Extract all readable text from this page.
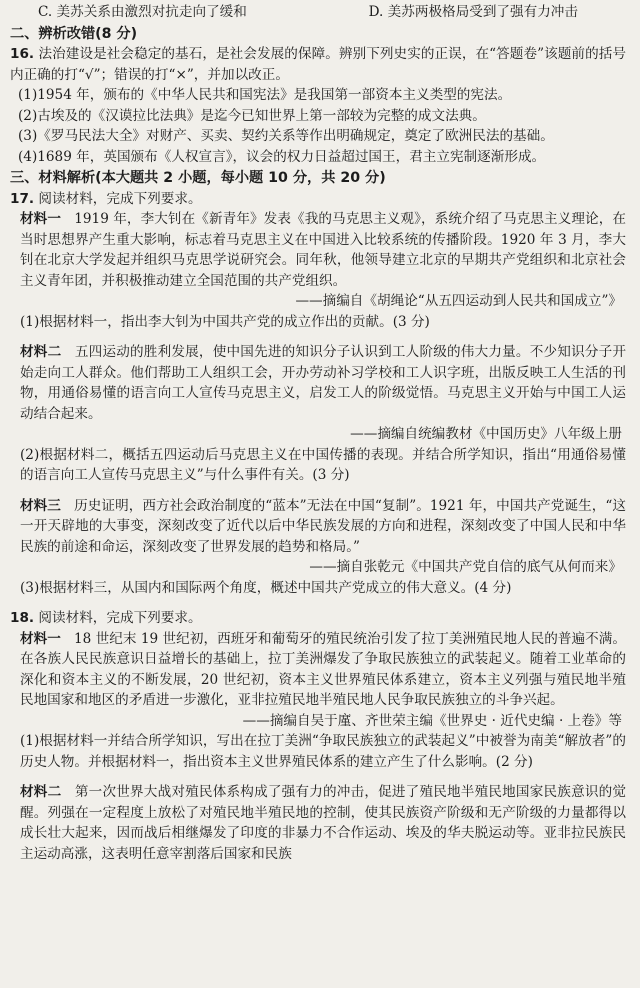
C. 美苏关系由激烈对抗走向了缓和	D. 美苏两极格局受到了强有力冲击
二、辨析改错(8 分)

16. 法治建设是社会稳定的基石，是社会发展的保障。辨别下列史实的正误，在“答题卷”该题前的括号内正确的打“√”；错误的打“×”，并加以改正。

(1)1954 年，颁布的《中华人民共和国宪法》是我国第一部资本主义类型的宪法。

(2)古埃及的《汉谟拉比法典》是迄今已知世界上第一部较为完整的成文法典。

(3)《罗马民法大全》对财产、买卖、契约关系等作出明确规定，奠定了欧洲民法的基础。

(4)1689 年，英国颁布《人权宣言》，议会的权力日益超过国王，君主立宪制逐渐形成。

三、材料解析(本大题共 2 小题，每小题 10 分，共 20 分)

17. 阅读材料，完成下列要求。

材料一 1919 年，李大钊在《新青年》发表《我的马克思主义观》，系统介绍了马克思主义理论，在当时思想界产生重大影响，标志着马克思主义在中国进入比较系统的传播阶段。1920 年 3 月，李大钊在北京大学发起并组织马克思学说研究会。同年秋，他领导建立北京的早期共产党组织和北京社会主义青年团，并积极推动建立全国范围的共产党组织。

——摘编自《胡绳论“从五四运动到人民共和国成立”》

(1)根据材料一，指出李大钊为中国共产党的成立作出的贡献。(3 分)

材料二 五四运动的胜利发展，使中国先进的知识分子认识到工人阶级的伟大力量。不少知识分子开始走向工人群众。他们帮助工人组织工会，开办劳动补习学校和工人识字班，出版反映工人生活的刊物，用通俗易懂的语言向工人宣传马克思主义，启发工人的阶级觉悟。马克思主义开始与中国工人运动结合起来。

——摘编自统编教材《中国历史》八年级上册

(2)根据材料二，概括五四运动后马克思主义在中国传播的表现。并结合所学知识，指出“用通俗易懂的语言向工人宣传马克思主义”与什么事件有关。(3 分)

材料三 历史证明，西方社会政治制度的“蓝本”无法在中国“复制”。1921 年，中国共产党诞生，“这一开天辟地的大事变，深刻改变了近代以后中华民族发展的方向和进程，深刻改变了中国人民和中华民族的前途和命运，深刻改变了世界发展的趋势和格局。”

——摘自张乾元《中国共产党自信的底气从何而来》

(3)根据材料三，从国内和国际两个角度，概述中国共产党成立的伟大意义。(4 分)

18. 阅读材料，完成下列要求。

材料一 18 世纪末 19 世纪初，西班牙和葡萄牙的殖民统治引发了拉丁美洲殖民地人民的普遍不满。在各族人民民族意识日益增长的基础上，拉丁美洲爆发了争取民族独立的武装起义。随着工业革命的深化和资本主义的不断发展，20 世纪初，资本主义世界殖民体系建立，资本主义列强与殖民地半殖民地国家和地区的矛盾进一步激化，亚非拉殖民地半殖民地人民争取民族独立的斗争兴起。

——摘编自吴于廑、齐世荣主编《世界史 · 近代史编 · 上卷》等

(1)根据材料一并结合所学知识，写出在拉丁美洲“争取民族独立的武装起义”中被誉为南美“解放者”的历史人物。并根据材料一，指出资本主义世界殖民体系的建立产生了什么影响。(2 分)

材料二 第一次世界大战对殖民体系构成了强有力的冲击，促进了殖民地半殖民地国家民族意识的觉醒。列强在一定程度上放松了对殖民地半殖民地的控制，使其民族资产阶级和无产阶级的力量都得以成长壮大起来，因而战后相继爆发了印度的非暴力不合作运动、埃及的华夫脱运动等。亚非拉民族民主运动高涨，这表明任意宰割落后国家和民族
